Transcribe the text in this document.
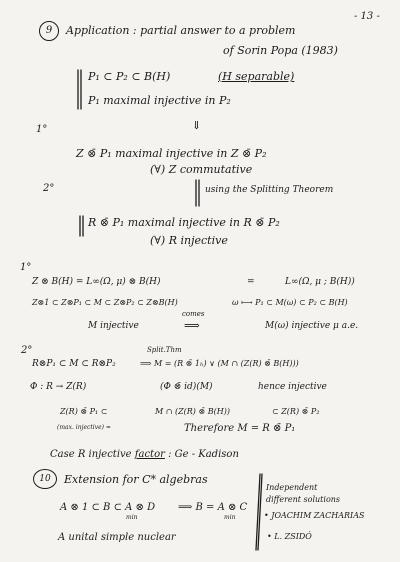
- 13 -
9	Application : partial answer to a problem
of Sorin Popa (1983)
P₁ ⊂ P₂ ⊂ B(H)	(H separable)
P₁ maximal injective in P₂
⇓
1°
Z ⊗̄ P₁ maximal injective in Z ⊗̄ P₂
(∀) Z commutative
2°	using the Splitting Theorem
R ⊗̄ P₁ maximal injective in R ⊗̄ P₂
(∀) R injective
1°
Z ⊗ B(H) = L∞(Ω, μ) ⊗ B(H)	=	L∞(Ω, μ ; B(H))
Z⊗1 ⊂ Z⊗P₁ ⊂ M ⊂ Z⊗P₂ ⊂ Z⊗B(H)	ω ⟼ P₁ ⊂ M(ω) ⊂ P₂ ⊂ B(H)
M injective
comes
⟹	M(ω) injective μ a.e.
2°	Split.Thm
R⊗P₁ ⊂ M ⊂ R⊗P₂	⟹ M = (R ⊗̄ 1ₕ) ∨ (M ∩ (Z(R) ⊗̄ B(H)))
Φ : R → Z(R)	(Φ ⊗̄ id)(M)	hence injective
Z(R) ⊗̄ P₁ ⊂	M ∩ (Z(R) ⊗̄ B(H))	⊂ Z(R) ⊗̄ P₂
(max. injective) =	Therefore M = R ⊗̄ P₁
Case R injective factor : Ge - Kadison
10	Extension for C* algebras
A ⊗ 1 ⊂ B ⊂ A ⊗ D
min
⟹ B = A ⊗ C
min
A unital simple nuclear
Independent
different solutions
• JOACHIM ZACHARIAS
• L. ZSIDÓ
